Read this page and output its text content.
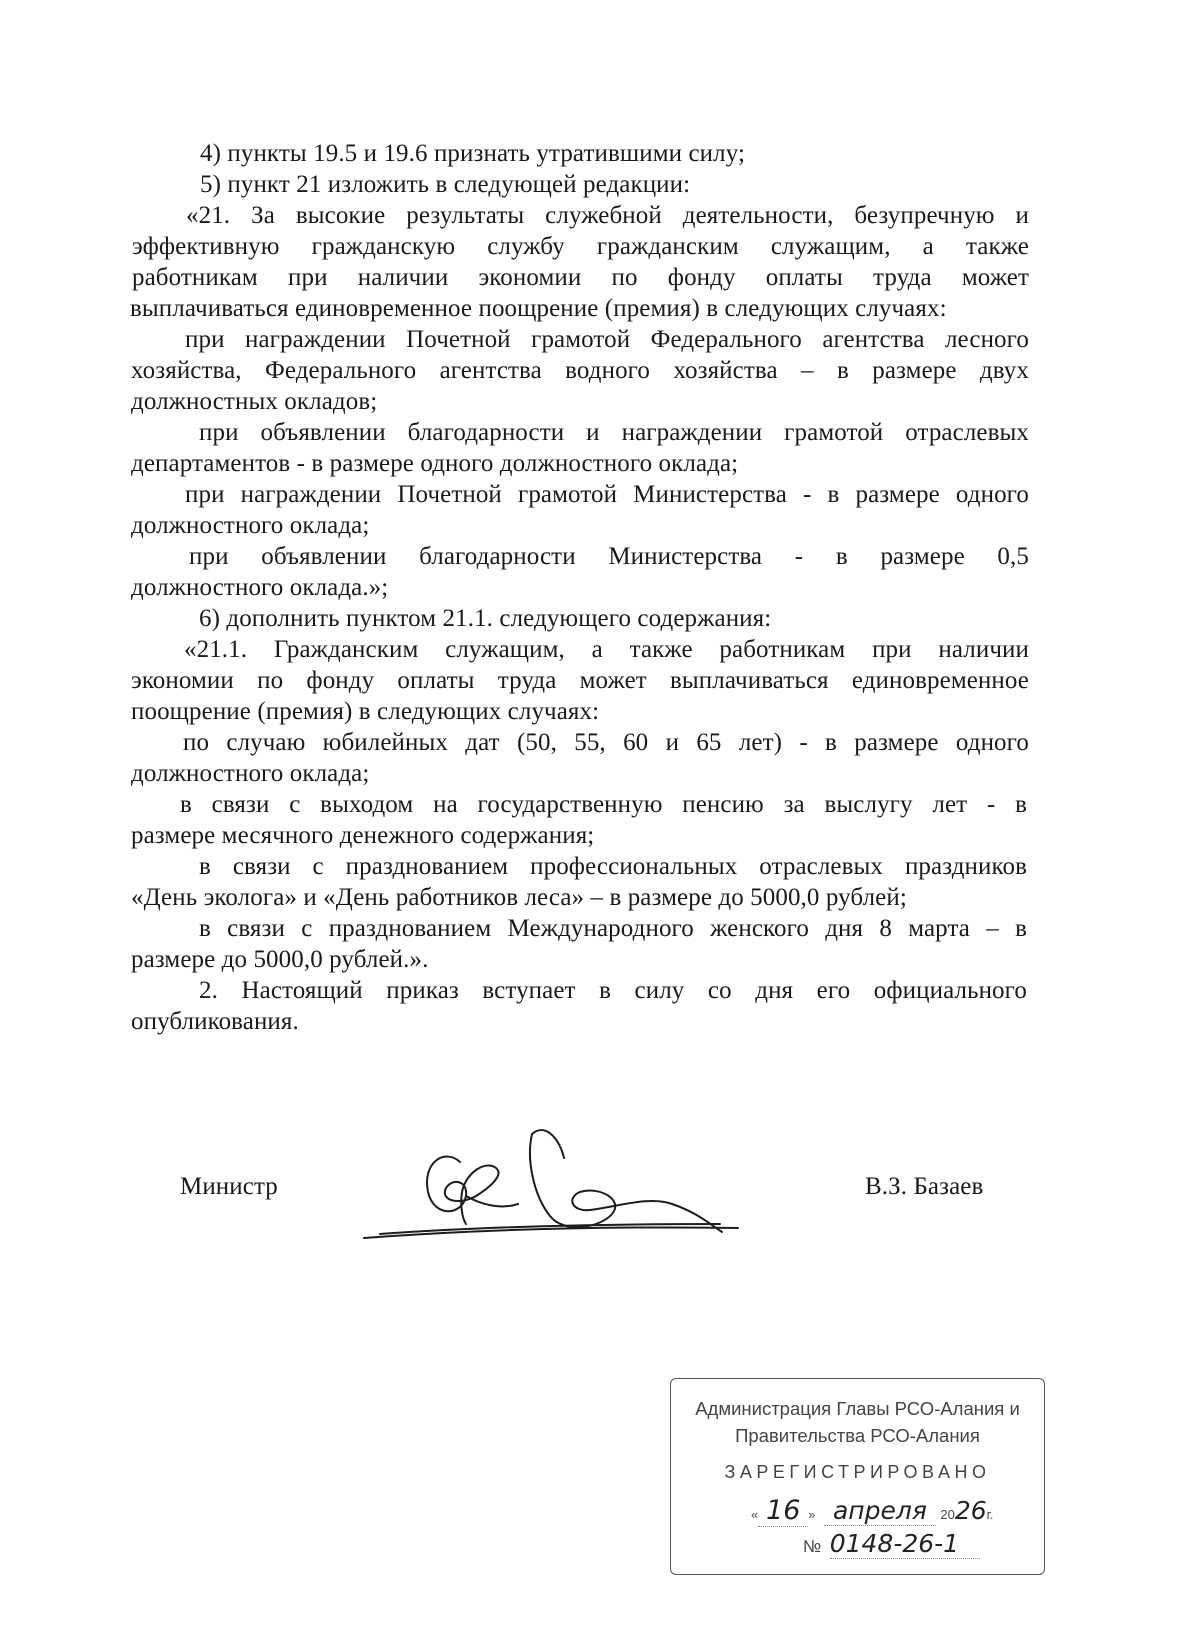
4) пункты 19.5 и 19.6 признать утратившими силу;
5) пункт 21 изложить в следующей редакции:
«21. За высокие результаты служебной деятельности, безупречную и
эффективную гражданскую службу гражданским служащим, а также
работникам при наличии экономии по фонду оплаты труда может
выплачиваться единовременное поощрение (премия) в следующих случаях:
при награждении Почетной грамотой Федерального агентства лесного
хозяйства, Федерального агентства водного хозяйства – в размере двух
должностных окладов;
при объявлении благодарности и награждении грамотой отраслевых
департаментов - в размере одного должностного оклада;
при награждении Почетной грамотой Министерства - в размере одного
должностного оклада;
при объявлении благодарности Министерства - в размере 0,5
должностного оклада.»;
6) дополнить пунктом 21.1. следующего содержания:
«21.1. Гражданским служащим, а также работникам при наличии
экономии по фонду оплаты труда может выплачиваться единовременное
поощрение (премия) в следующих случаях:
по случаю юбилейных дат (50, 55, 60 и 65 лет) - в размере одного
должностного оклада;
в связи с выходом на государственную пенсию за выслугу лет - в
размере месячного денежного содержания;
в связи с празднованием профессиональных отраслевых праздников
«День эколога» и «День работников леса» – в размере до 5000,0 рублей;
в связи с празднованием Международного женского дня 8 марта – в
размере до 5000,0 рублей.».
2. Настоящий приказ вступает в силу со дня его официального
опубликования.
Министр	В.З. Базаев
Администрация Главы РСО-Алания и
Правительства РСО-Алания
ЗАРЕГИСТРИРОВАНО
« 16 » апреля 2026г.
№ 0148-26-1
